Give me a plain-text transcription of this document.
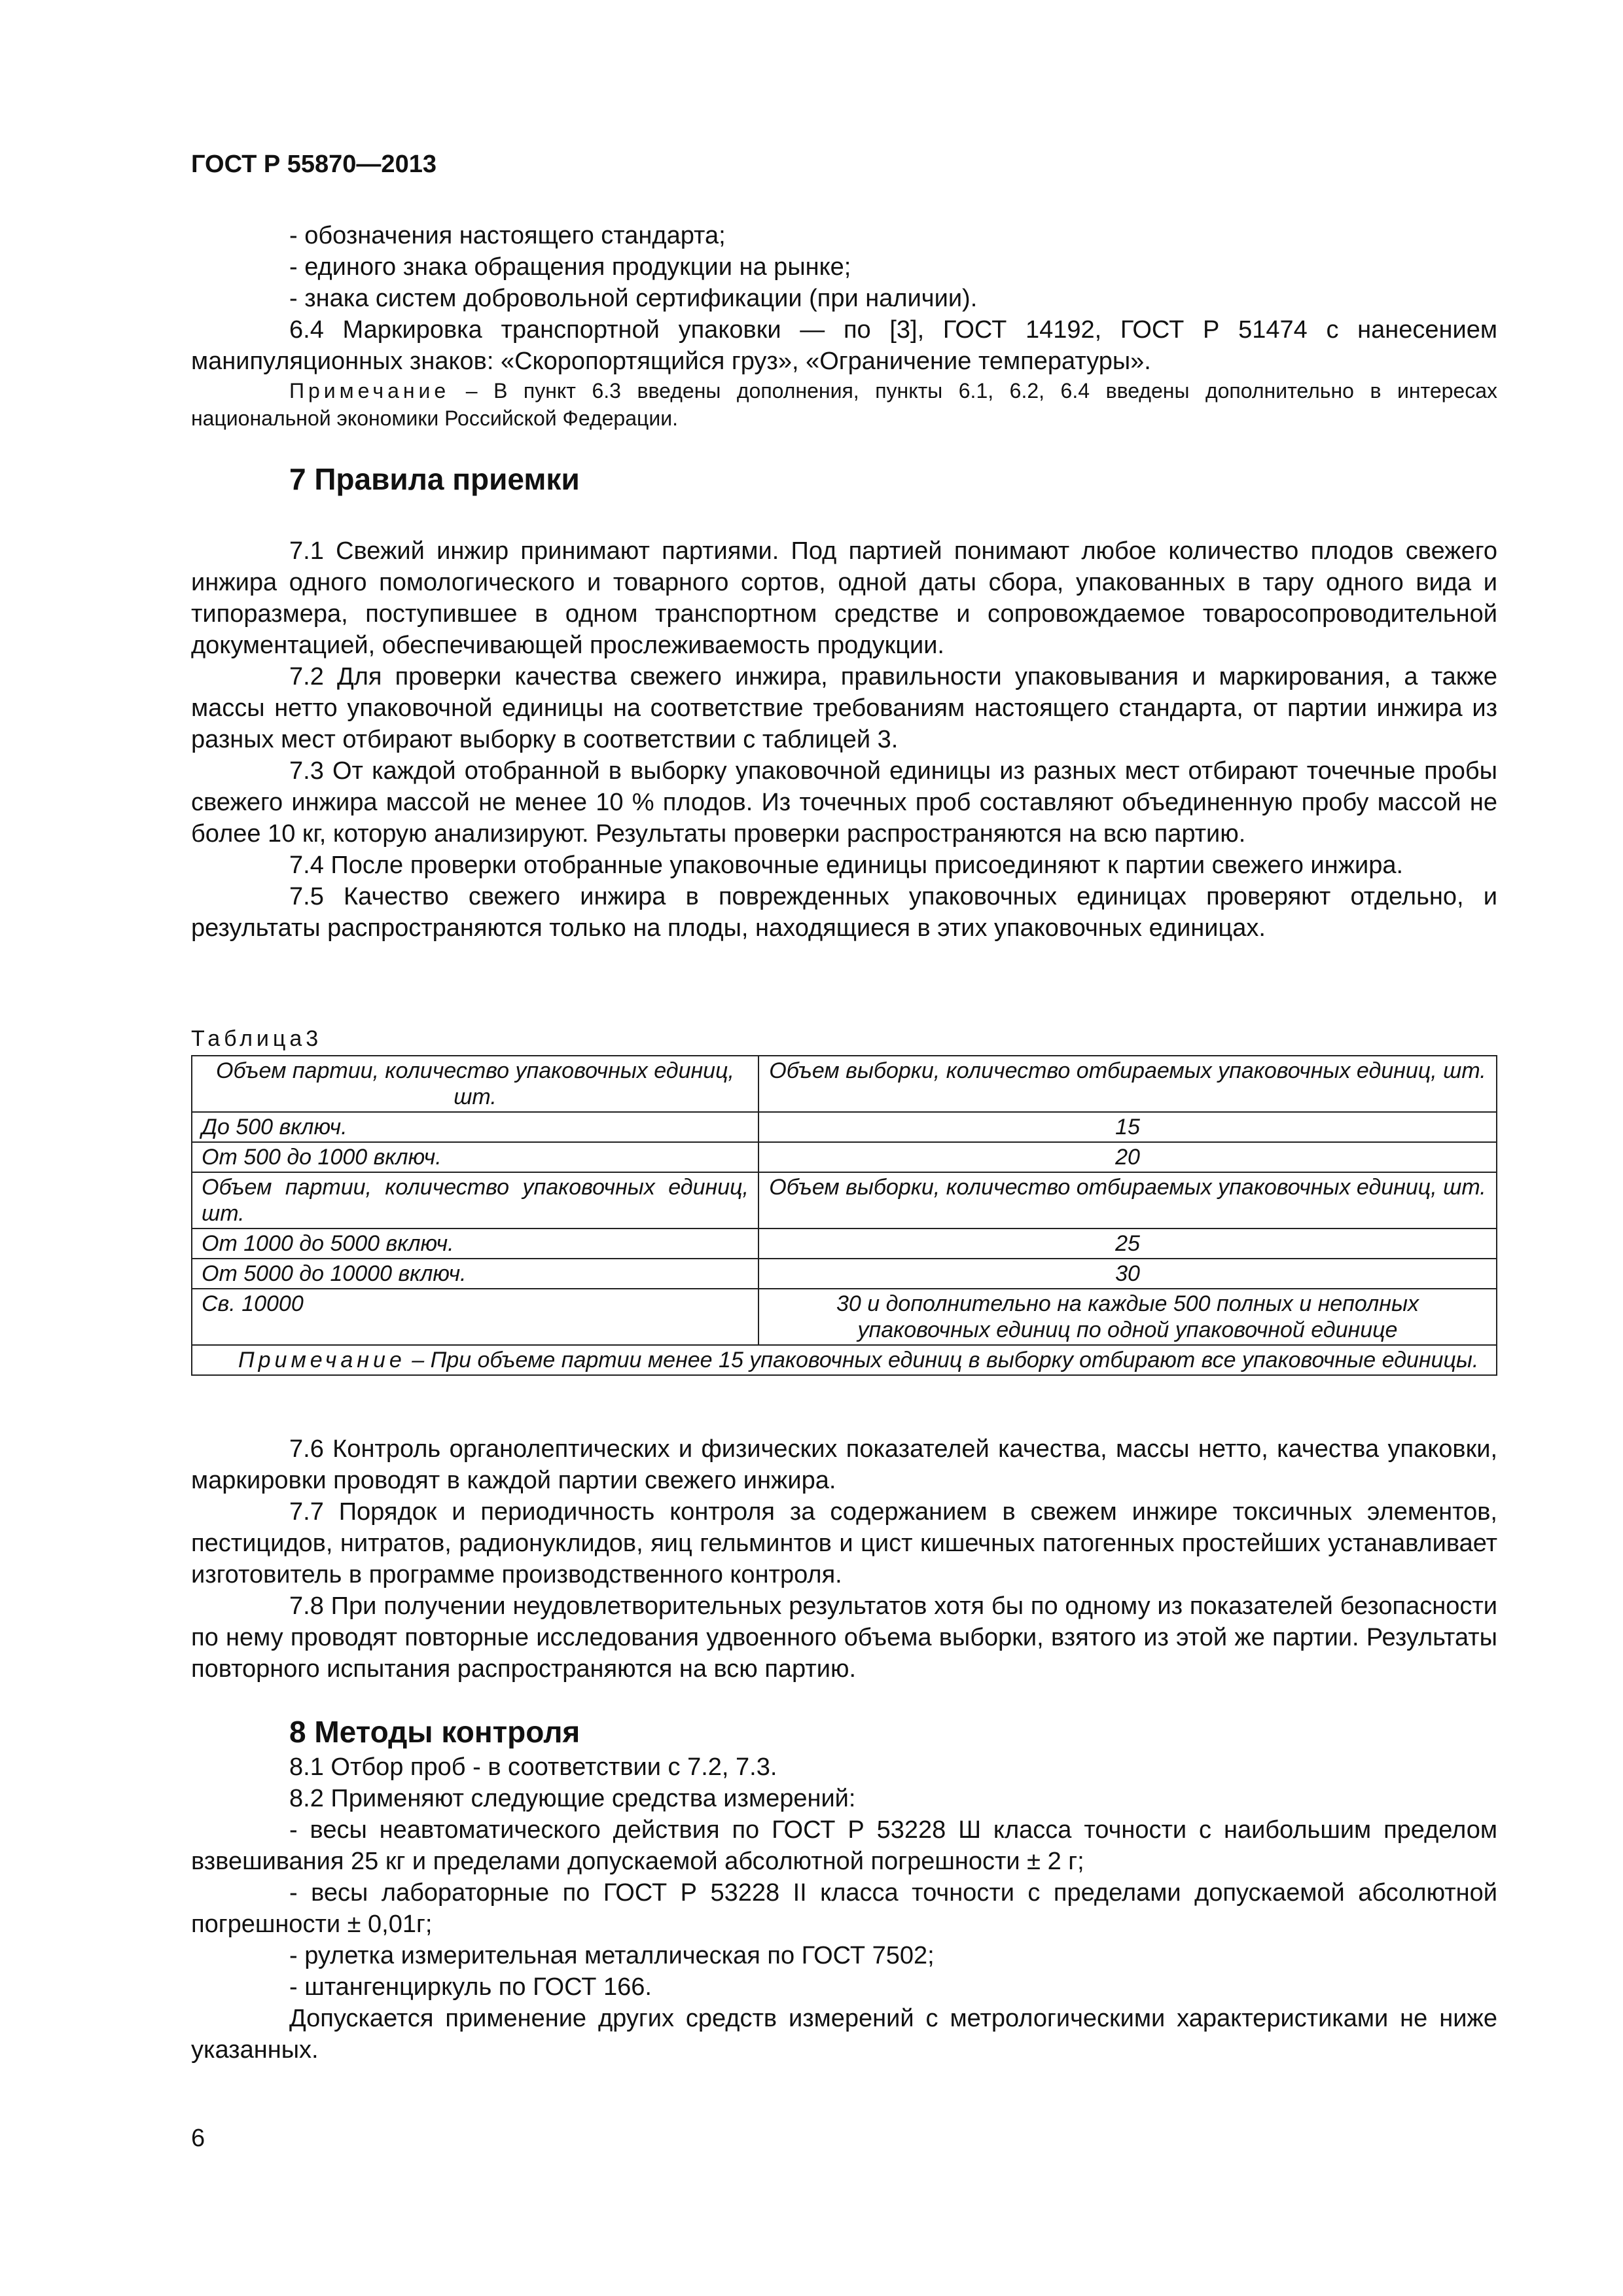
ГОСТ Р 55870—2013

- обозначения настоящего стандарта;

- единого знака обращения продукции на рынке;

- знака систем добровольной сертификации (при наличии).

6.4 Маркировка транспортной упаковки — по [3], ГОСТ 14192, ГОСТ Р 51474 с нанесением манипуляционных знаков: «Скоропортящийся груз», «Ограничение температуры».

Примечание – В пункт 6.3 введены дополнения, пункты 6.1, 6.2, 6.4 введены дополнительно в интересах национальной экономики Российской Федерации.

7 Правила приемки

7.1 Свежий инжир принимают партиями. Под партией понимают любое количество плодов свежего инжира одного помологического и товарного сортов, одной даты сбора, упакованных в тару одного вида и типоразмера, поступившее в одном транспортном средстве и сопровождаемое товаросопроводительной документацией, обеспечивающей прослеживаемость продукции.

7.2 Для проверки качества свежего инжира, правильности упаковывания и маркирования, а также массы нетто упаковочной единицы на соответствие требованиям настоящего стандарта, от партии инжира из разных мест отбирают выборку в соответствии с таблицей 3.

7.3 От каждой отобранной в выборку упаковочной единицы из разных мест отбирают точечные пробы свежего инжира массой не менее 10 % плодов. Из точечных проб составляют объединенную пробу массой не более 10 кг, которую анализируют. Результаты проверки распространяются на всю партию.

7.4 После проверки отобранные упаковочные единицы присоединяют к партии свежего инжира.

7.5 Качество свежего инжира в поврежденных упаковочных единицах проверяют отдельно, и результаты распространяются только на плоды, находящиеся в этих упаковочных единицах.

Таблица3
Объем партии, количество упаковочных единиц, шт.	Объем выборки, количество отбираемых упаковочных единиц, шт.
До 500 включ.	15
От 500 до 1000 включ.	20
Объем партии, количество упаковочных единиц, шт.	Объем выборки, количество отбираемых упаковочных единиц, шт.
От 1000 до 5000 включ.	25
От 5000 до 10000 включ.	30
Св. 10000	30 и дополнительно на каждые 500 полных и неполных упаковочных единиц по одной упаковочной единице
Примечание – При объеме партии менее 15 упаковочных единиц в выборку отбирают все упаковочные единицы.	

7.6 Контроль органолептических и физических показателей качества, массы нетто, качества упаковки, маркировки проводят в каждой партии свежего инжира.

7.7 Порядок и периодичность контроля за содержанием в свежем инжире токсичных элементов, пестицидов, нитратов, радионуклидов, яиц гельминтов и цист кишечных патогенных простейших устанавливает изготовитель в программе производственного контроля.

7.8 При получении неудовлетворительных результатов хотя бы по одному из показателей безопасности по нему проводят повторные исследования удвоенного объема выборки, взятого из этой же партии. Результаты повторного испытания распространяются на всю партию.

8 Методы контроля

8.1 Отбор проб - в соответствии с 7.2, 7.3.

8.2 Применяют следующие средства измерений:

- весы неавтоматического действия по ГОСТ Р 53228 Ш класса точности с наибольшим пределом взвешивания 25 кг и пределами допускаемой абсолютной погрешности ± 2 г;

- весы лабораторные по ГОСТ Р 53228 II класса точности с пределами допускаемой абсолютной погрешности ± 0,01г;

- рулетка измерительная металлическая по ГОСТ 7502;

- штангенциркуль по ГОСТ 166.

Допускается применение других средств измерений с метрологическими характеристиками не ниже указанных.

6
